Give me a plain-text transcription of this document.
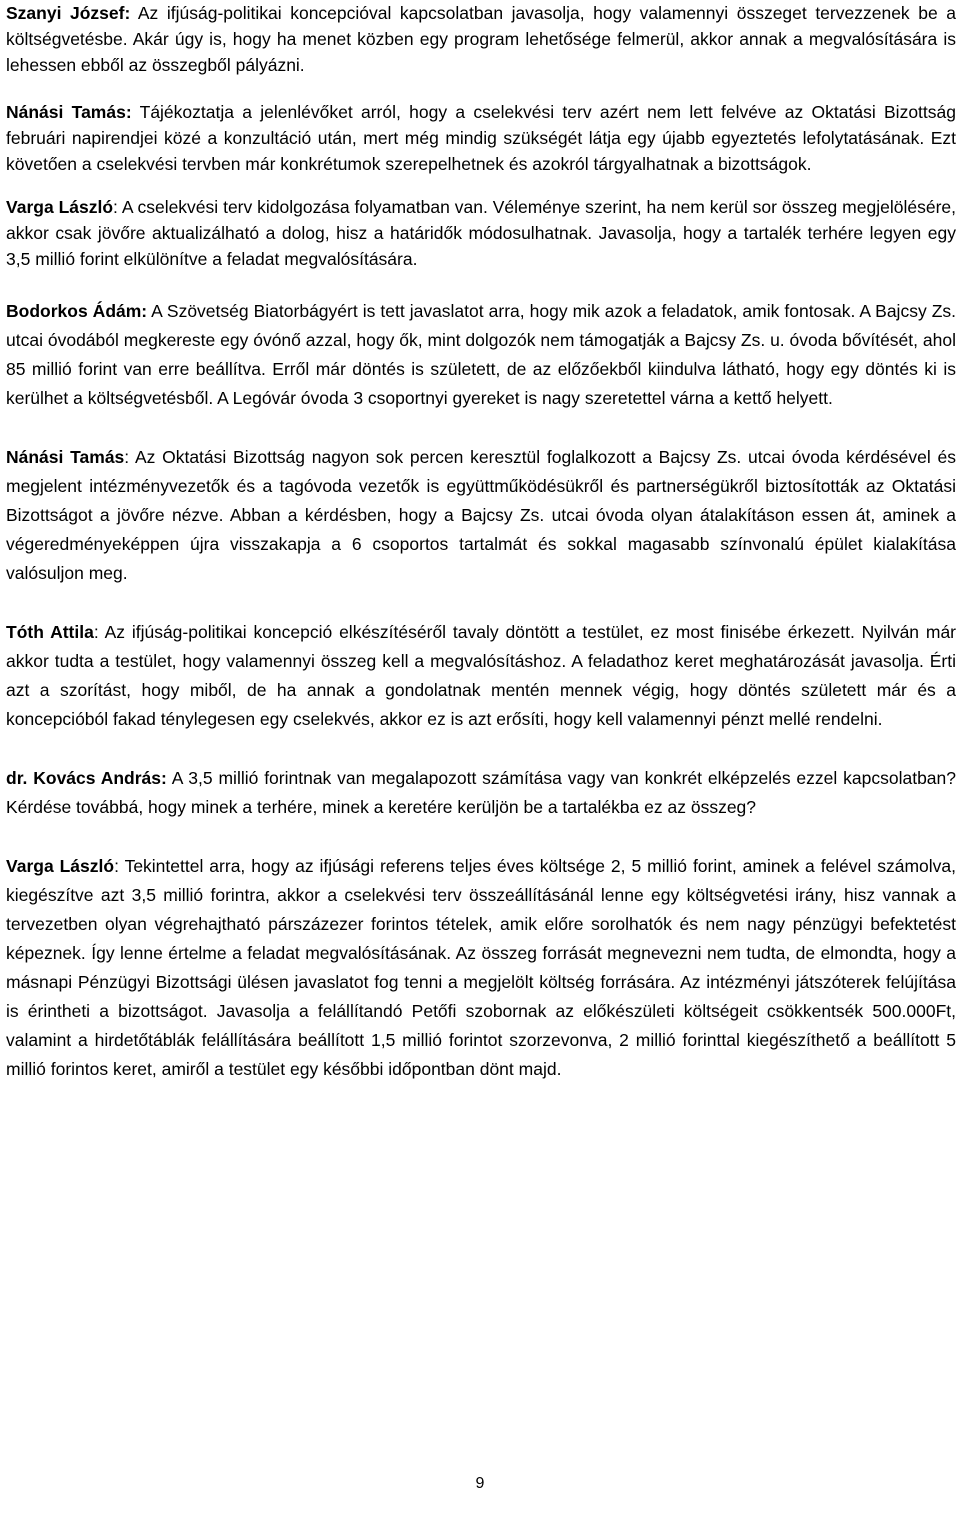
Szanyi József: Az ifjúság-politikai koncepcióval kapcsolatban javasolja, hogy valamennyi összeget tervezzenek be a költségvetésbe. Akár úgy is, hogy ha menet közben egy program lehetősége felmerül, akkor annak a megvalósítására is lehessen ebből az összegből pályázni.

Nánási Tamás: Tájékoztatja a jelenlévőket arról, hogy a cselekvési terv azért nem lett felvéve az Oktatási Bizottság februári napirendjei közé a konzultáció után, mert még mindig szükségét látja egy újabb egyeztetés lefolytatásának. Ezt követően a cselekvési tervben már konkrétumok szerepelhetnek és azokról tárgyalhatnak a bizottságok.

Varga László: A cselekvési terv kidolgozása folyamatban van. Véleménye szerint, ha nem kerül sor összeg megjelölésére, akkor csak jövőre aktualizálható a dolog, hisz a határidők módosulhatnak. Javasolja, hogy a tartalék terhére legyen egy 3,5 millió forint elkülönítve a feladat megvalósítására.

Bodorkos Ádám: A Szövetség Biatorbágyért is tett javaslatot arra, hogy mik azok a feladatok, amik fontosak. A Bajcsy Zs. utcai óvodából megkereste egy óvónő azzal, hogy ők, mint dolgozók nem támogatják a Bajcsy Zs. u. óvoda bővítését, ahol 85 millió forint van erre beállítva. Erről már döntés is született, de az előzőekből kiindulva látható, hogy egy döntés ki is kerülhet a költségvetésből. A Legóvár óvoda 3 csoportnyi gyereket is nagy szeretettel várna a kettő helyett.

Nánási Tamás: Az Oktatási Bizottság nagyon sok percen keresztül foglalkozott a Bajcsy Zs. utcai óvoda kérdésével és megjelent intézményvezetők és a tagóvoda vezetők is együttműködésükről és partnerségükről biztosították az Oktatási Bizottságot a jövőre nézve. Abban a kérdésben, hogy a Bajcsy Zs. utcai óvoda olyan átalakításon essen át, aminek a végeredményeképpen újra visszakapja a 6 csoportos tartalmát és sokkal magasabb színvonalú épület kialakítása valósuljon meg.

Tóth Attila: Az ifjúság-politikai koncepció elkészítéséről tavaly döntött a testület, ez most finisébe érkezett. Nyilván már akkor tudta a testület, hogy valamennyi összeg kell a megvalósításhoz. A feladathoz keret meghatározását javasolja. Érti azt a szorítást, hogy miből, de ha annak a gondolatnak mentén mennek végig, hogy döntés született már és a koncepcióból fakad ténylegesen egy cselekvés, akkor ez is azt erősíti, hogy kell valamennyi pénzt mellé rendelni.

dr. Kovács András: A 3,5 millió forintnak van megalapozott számítása vagy van konkrét elképzelés ezzel kapcsolatban? Kérdése továbbá, hogy minek a terhére, minek a keretére kerüljön be a tartalékba ez az összeg?

Varga László: Tekintettel arra, hogy az ifjúsági referens teljes éves költsége 2, 5 millió forint, aminek a felével számolva, kiegészítve azt 3,5 millió forintra, akkor a cselekvési terv összeállításánál lenne egy költségvetési irány, hisz vannak a tervezetben olyan végrehajtható párszázezer forintos tételek, amik előre sorolhatók és nem nagy pénzügyi befektetést képeznek. Így lenne értelme a feladat megvalósításának. Az összeg forrását megnevezni nem tudta, de elmondta, hogy a másnapi Pénzügyi Bizottsági ülésen javaslatot fog tenni a megjelölt költség forrására. Az intézményi játszóterek felújítása is érintheti a bizottságot. Javasolja a felállítandó Petőfi szobornak az előkészületi költségeit csökkentsék 500.000Ft, valamint a hirdetőtáblák felállítására beállított 1,5 millió forintot szorzevonva, 2 millió forinttal kiegészíthető a beállított 5 millió forintos keret, amiről a testület egy későbbi időpontban dönt majd.

9
